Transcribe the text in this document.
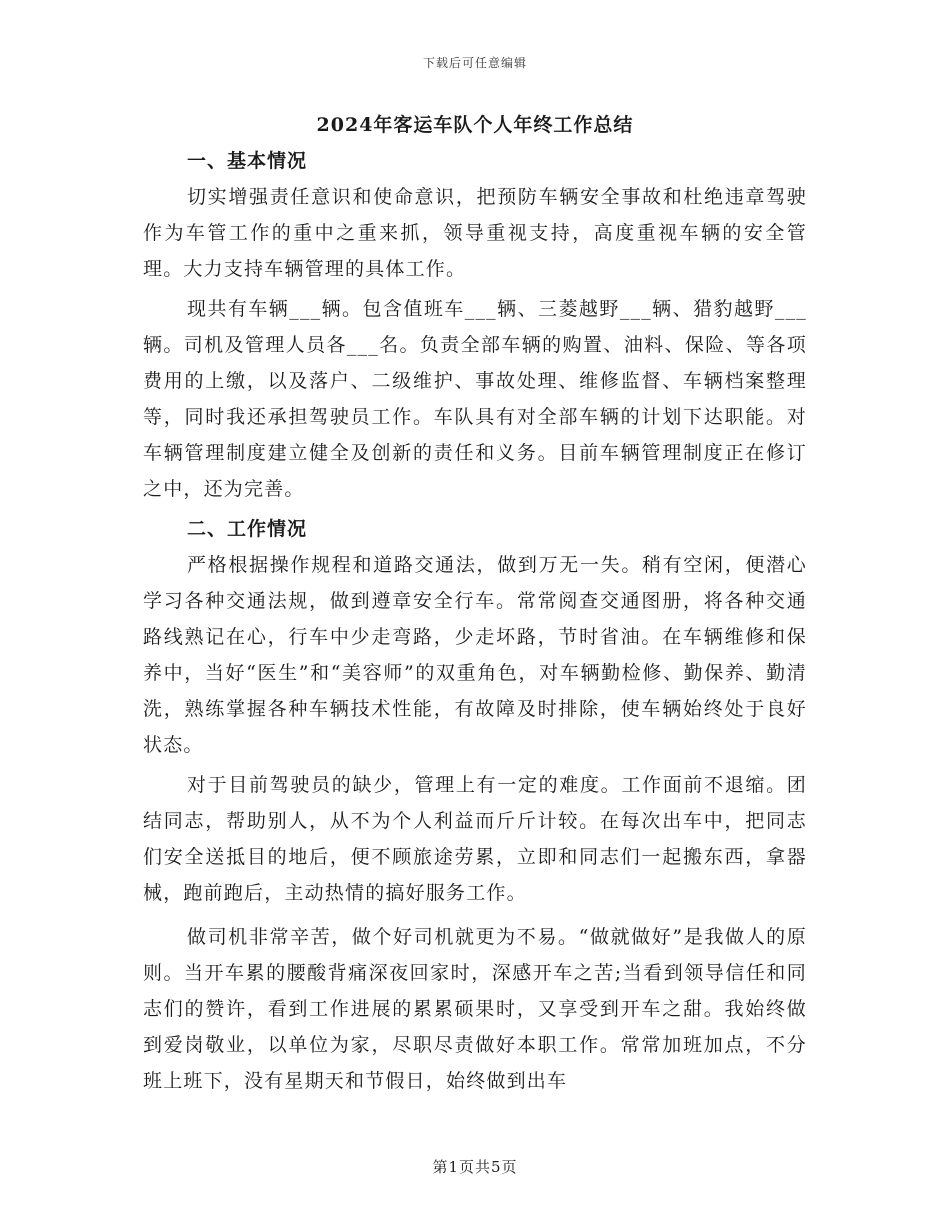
下载后可任意编辑
2024年客运车队个人年终工作总结
一、基本情况

切实增强责任意识和使命意识，把预防车辆安全事故和杜绝违章驾驶作为车管工作的重中之重来抓，领导重视支持，高度重视车辆的安全管理。大力支持车辆管理的具体工作。

现共有车辆___辆。包含值班车___辆、三菱越野___辆、猎豹越野___辆。司机及管理人员各___名。负责全部车辆的购置、油料、保险、等各项费用的上缴，以及落户、二级维护、事故处理、维修监督、车辆档案整理等，同时我还承担驾驶员工作。车队具有对全部车辆的计划下达职能。对车辆管理制度建立健全及创新的责任和义务。目前车辆管理制度正在修订之中，还为完善。

二、工作情况

严格根据操作规程和道路交通法，做到万无一失。稍有空闲，便潜心学习各种交通法规，做到遵章安全行车。常常阅查交通图册，将各种交通路线熟记在心，行车中少走弯路，少走坏路，节时省油。在车辆维修和保养中，当好“医生”和“美容师”的双重角色，对车辆勤检修、勤保养、勤清洗，熟练掌握各种车辆技术性能，有故障及时排除，使车辆始终处于良好状态。

对于目前驾驶员的缺少，管理上有一定的难度。工作面前不退缩。团结同志，帮助别人，从不为个人利益而斤斤计较。在每次出车中，把同志们安全送抵目的地后，便不顾旅途劳累，立即和同志们一起搬东西，拿器械，跑前跑后，主动热情的搞好服务工作。

做司机非常辛苦，做个好司机就更为不易。“做就做好”是我做人的原则。当开车累的腰酸背痛深夜回家时，深感开车之苦;当看到领导信任和同志们的赞许，看到工作进展的累累硕果时，又享受到开车之甜。我始终做到爱岗敬业，以单位为家，尽职尽责做好本职工作。常常加班加点，不分班上班下，没有星期天和节假日，始终做到出车

第1页共5页
